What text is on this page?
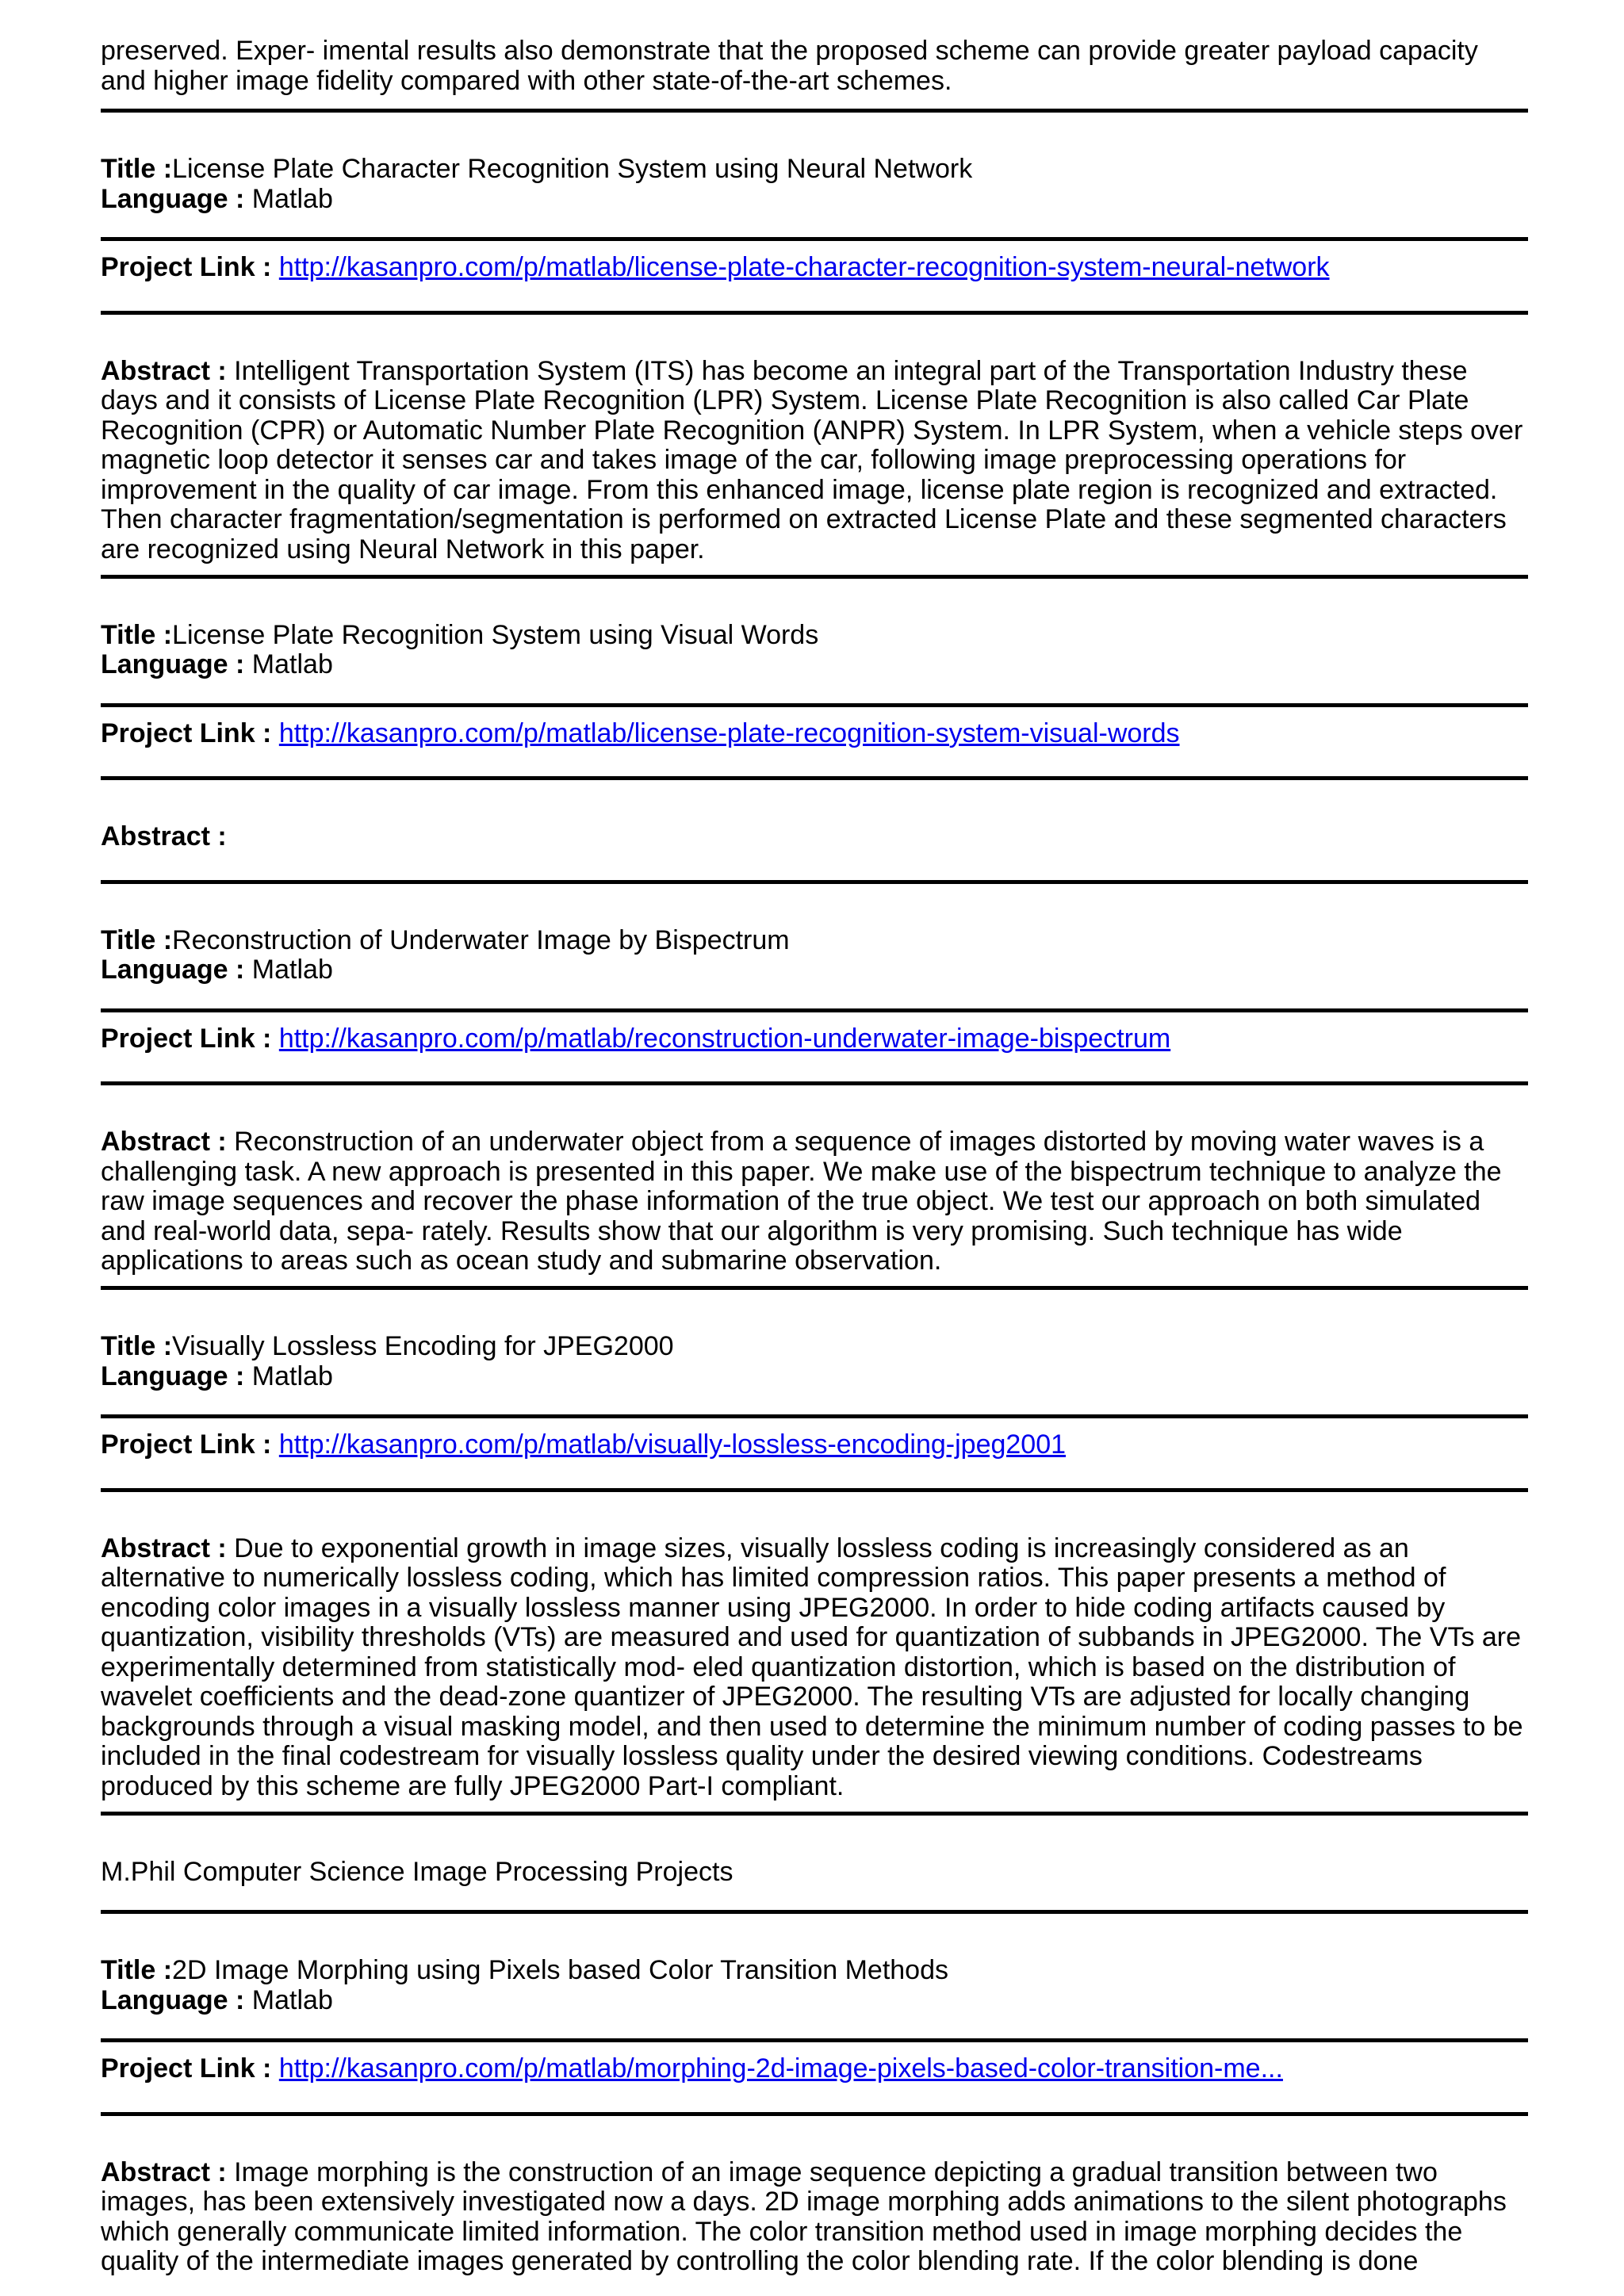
preserved. Exper- imental results also demonstrate that the proposed scheme can provide greater payload capacity and higher image fidelity compared with other state-of-the-art schemes.

Title :License Plate Character Recognition System using Neural Network

Language : Matlab

Project Link : http://kasanpro.com/p/matlab/license-plate-character-recognition-system-neural-network

Abstract : Intelligent Transportation System (ITS) has become an integral part of the Transportation Industry these days and it consists of License Plate Recognition (LPR) System. License Plate Recognition is also called Car Plate Recognition (CPR) or Automatic Number Plate Recognition (ANPR) System. In LPR System, when a vehicle steps over magnetic loop detector it senses car and takes image of the car, following image preprocessing operations for improvement in the quality of car image. From this enhanced image, license plate region is recognized and extracted. Then character fragmentation/segmentation is performed on extracted License Plate and these segmented characters are recognized using Neural Network in this paper.

Title :License Plate Recognition System using Visual Words

Language : Matlab

Project Link : http://kasanpro.com/p/matlab/license-plate-recognition-system-visual-words

Abstract :

Title :Reconstruction of Underwater Image by Bispectrum

Language : Matlab

Project Link : http://kasanpro.com/p/matlab/reconstruction-underwater-image-bispectrum

Abstract : Reconstruction of an underwater object from a sequence of images distorted by moving water waves is a challenging task. A new approach is presented in this paper. We make use of the bispectrum technique to analyze the raw image sequences and recover the phase information of the true object. We test our approach on both simulated and real-world data, sepa- rately. Results show that our algorithm is very promising. Such technique has wide applications to areas such as ocean study and submarine observation.

Title :Visually Lossless Encoding for JPEG2000

Language : Matlab

Project Link : http://kasanpro.com/p/matlab/visually-lossless-encoding-jpeg2001

Abstract : Due to exponential growth in image sizes, visually lossless coding is increasingly considered as an alternative to numerically lossless coding, which has limited compression ratios. This paper presents a method of encoding color images in a visually lossless manner using JPEG2000. In order to hide coding artifacts caused by quantization, visibility thresholds (VTs) are measured and used for quantization of subbands in JPEG2000. The VTs are experimentally determined from statistically mod- eled quantization distortion, which is based on the distribution of wavelet coefficients and the dead-zone quantizer of JPEG2000. The resulting VTs are adjusted for locally changing backgrounds through a visual masking model, and then used to determine the minimum number of coding passes to be included in the final codestream for visually lossless quality under the desired viewing conditions. Codestreams produced by this scheme are fully JPEG2000 Part-I compliant.

M.Phil Computer Science Image Processing Projects

Title :2D Image Morphing using Pixels based Color Transition Methods

Language : Matlab

Project Link : http://kasanpro.com/p/matlab/morphing-2d-image-pixels-based-color-transition-me...

Abstract : Image morphing is the construction of an image sequence depicting a gradual transition between two images, has been extensively investigated now a days. 2D image morphing adds animations to the silent photographs which generally communicate limited information. The color transition method used in image morphing decides the quality of the intermediate images generated by controlling the color blending rate. If the color blending is done
